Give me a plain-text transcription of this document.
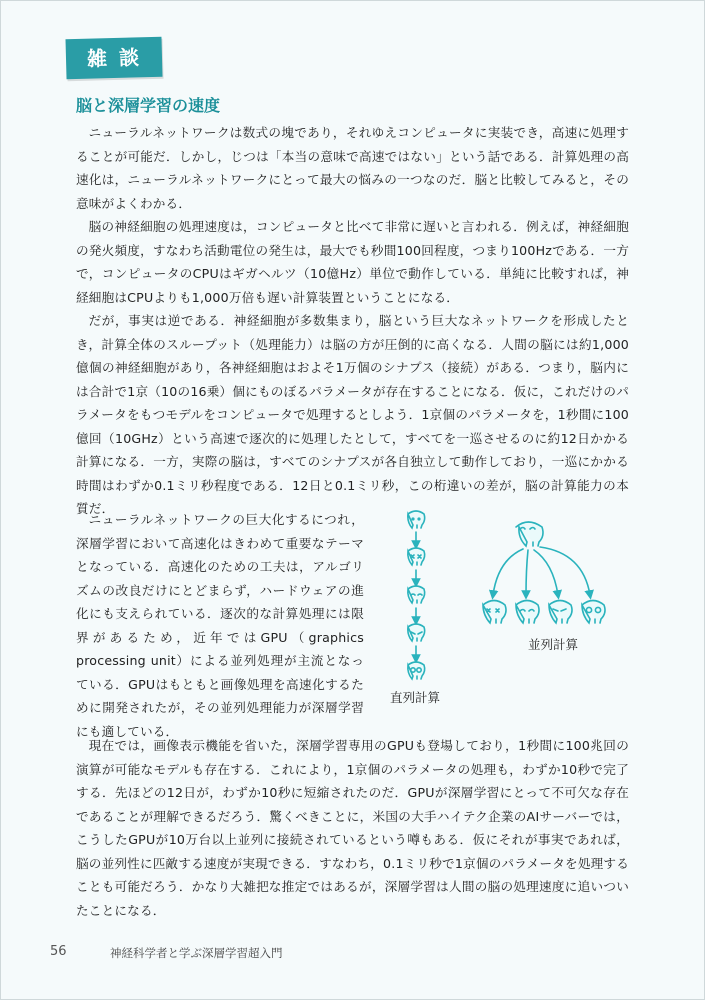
雑談
脳と深層学習の速度

ニューラルネットワークは数式の塊であり，それゆえコンピュータに実装でき，高速に処理することが可能だ．しかし，じつは「本当の意味で高速ではない」という話である．計算処理の高速化は，ニューラルネットワークにとって最大の悩みの一つなのだ．脳と比較してみると，その意味がよくわかる．

脳の神経細胞の処理速度は，コンピュータと比べて非常に遅いと言われる．例えば，神経細胞の発火頻度，すなわち活動電位の発生は，最大でも秒間100回程度，つまり100Hzである．一方で，コンピュータのCPUはギガヘルツ（10億Hz）単位で動作している．単純に比較すれば，神経細胞はCPUよりも1,000万倍も遅い計算装置ということになる．

だが，事実は逆である．神経細胞が多数集まり，脳という巨大なネットワークを形成したとき，計算全体のスループット（処理能力）は脳の方が圧倒的に高くなる．人間の脳には約1,000億個の神経細胞があり，各神経細胞はおよそ1万個のシナプス（接続）がある．つまり，脳内には合計で1京（10の16乗）個にものぼるパラメータが存在することになる．仮に，これだけのパラメータをもつモデルをコンピュータで処理するとしよう．1京個のパラメータを，1秒間に100億回（10GHz）という高速で逐次的に処理したとして，すべてを一巡させるのに約12日かかる計算になる．一方，実際の脳は，すべてのシナプスが各自独立して動作しており，一巡にかかる時間はわずか0.1ミリ秒程度である．12日と0.1ミリ秒，この桁違いの差が，脳の計算能力の本質だ．

ニューラルネットワークの巨大化するにつれ，深層学習において高速化はきわめて重要なテーマとなっている．高速化のための工夫は，アルゴリズムの改良だけにとどまらず，ハードウェアの進化にも支えられている．逐次的な計算処理には限界があるため，近年ではGPU（graphics processing unit）による並列処理が主流となっている．GPUはもともと画像処理を高速化するために開発されたが，その並列処理能力が深層学習にも適している．

直列計算
並列計算

現在では，画像表示機能を省いた，深層学習専用のGPUも登場しており，1秒間に100兆回の演算が可能なモデルも存在する．これにより，1京個のパラメータの処理も，わずか10秒で完了する．先ほどの12日が，わずか10秒に短縮されたのだ．GPUが深層学習にとって不可欠な存在であることが理解できるだろう．驚くべきことに，米国の大手ハイテク企業のAIサーバーでは，こうしたGPUが10万台以上並列に接続されているという噂もある．仮にそれが事実であれば，脳の並列性に匹敵する速度が実現できる．すなわち，0.1ミリ秒で1京個のパラメータを処理することも可能だろう．かなり大雑把な推定ではあるが，深層学習は人間の脳の処理速度に追いついたことになる．

56	神経科学者と学ぶ深層学習超入門
